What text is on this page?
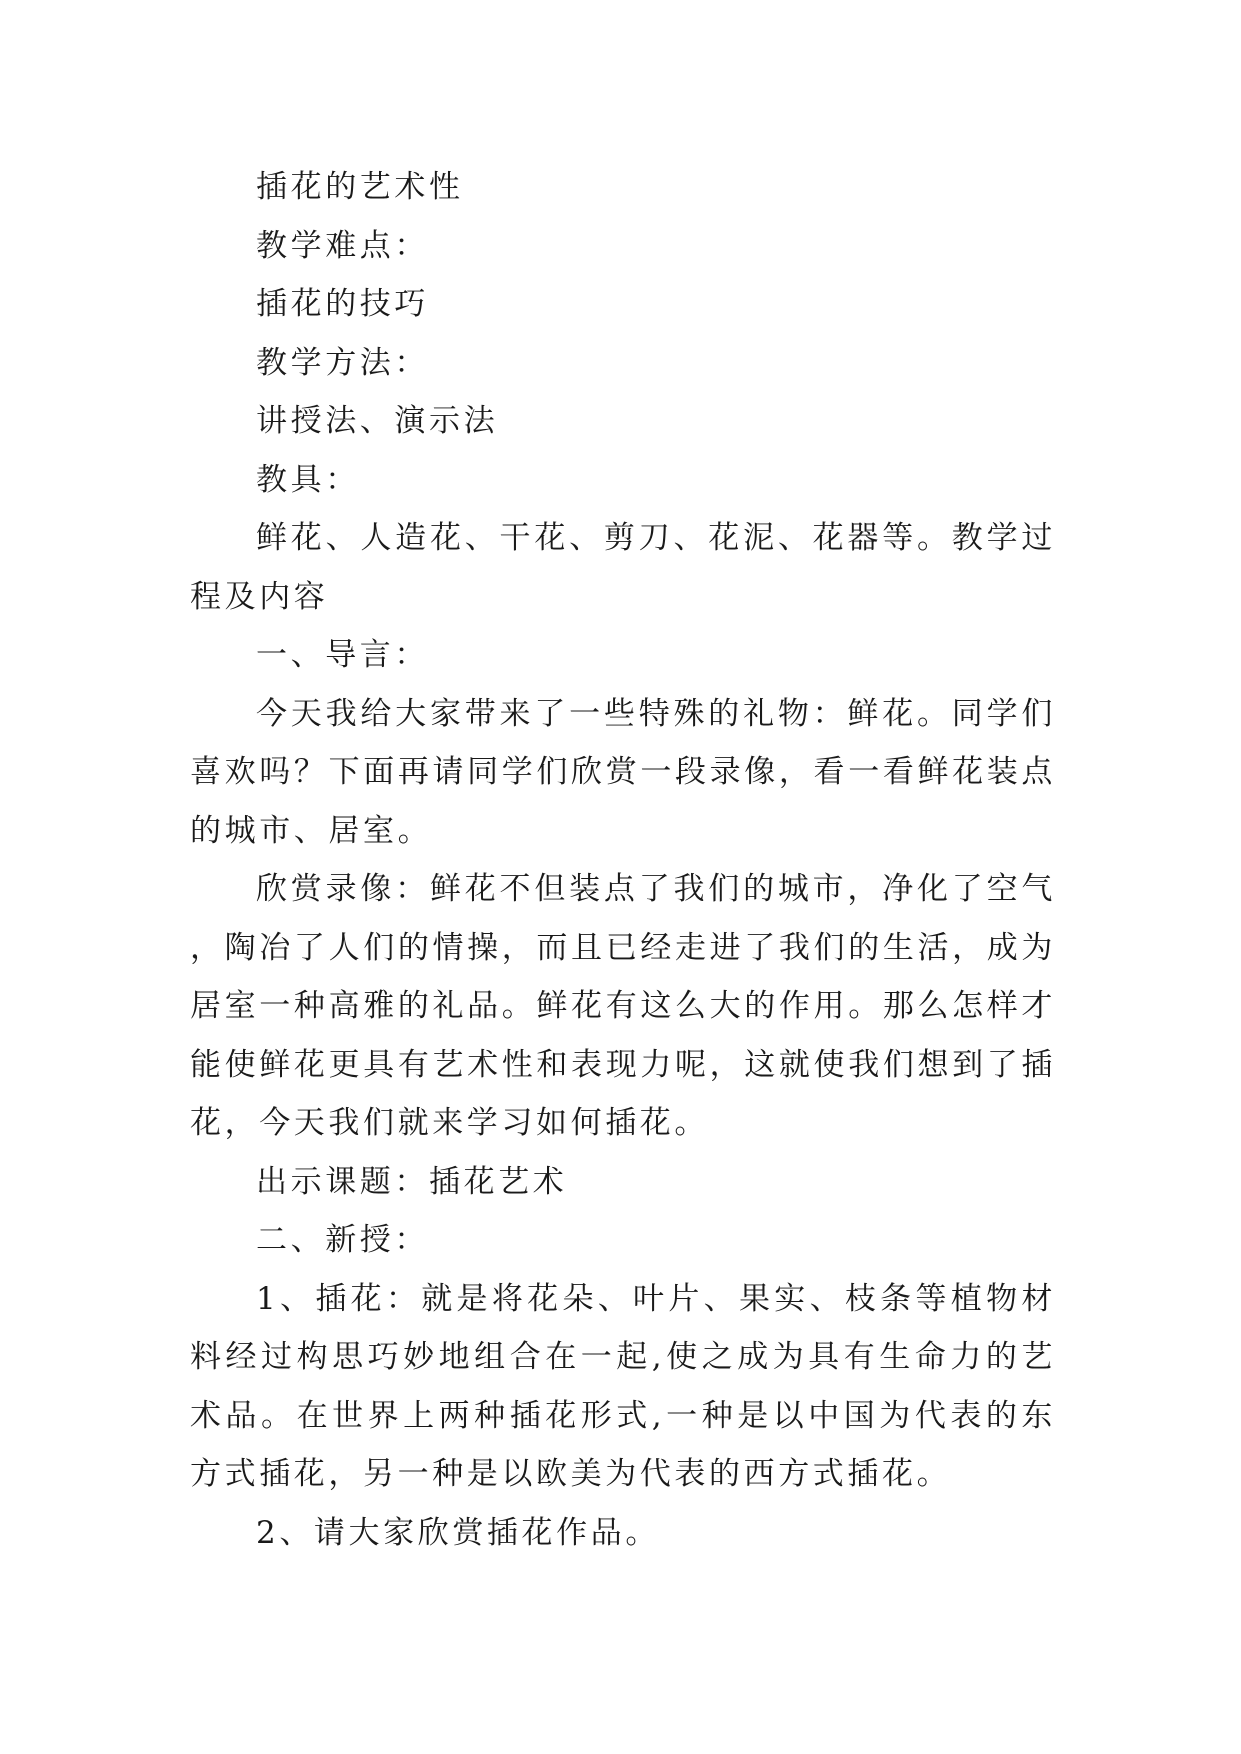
插花的艺术性

教学难点：

插花的技巧

教学方法：

讲授法、演示法

教具：

鲜花、人造花、干花、剪刀、花泥、花器等。教学过程及内容

一、导言：

今天我给大家带来了一些特殊的礼物：鲜花。同学们喜欢吗？下面再请同学们欣赏一段录像，看一看鲜花装点的城市、居室。

欣赏录像：鲜花不但装点了我们的城市，净化了空气，陶冶了人们的情操，而且已经走进了我们的生活，成为居室一种高雅的礼品。鲜花有这么大的作用。那么怎样才能使鲜花更具有艺术性和表现力呢，这就使我们想到了插花，今天我们就来学习如何插花。

出示课题：插花艺术

二、新授：

1、插花：就是将花朵、叶片、果实、枝条等植物材料经过构思巧妙地组合在一起,使之成为具有生命力的艺术品。在世界上两种插花形式,一种是以中国为代表的东方式插花，另一种是以欧美为代表的西方式插花。

2、请大家欣赏插花作品。
